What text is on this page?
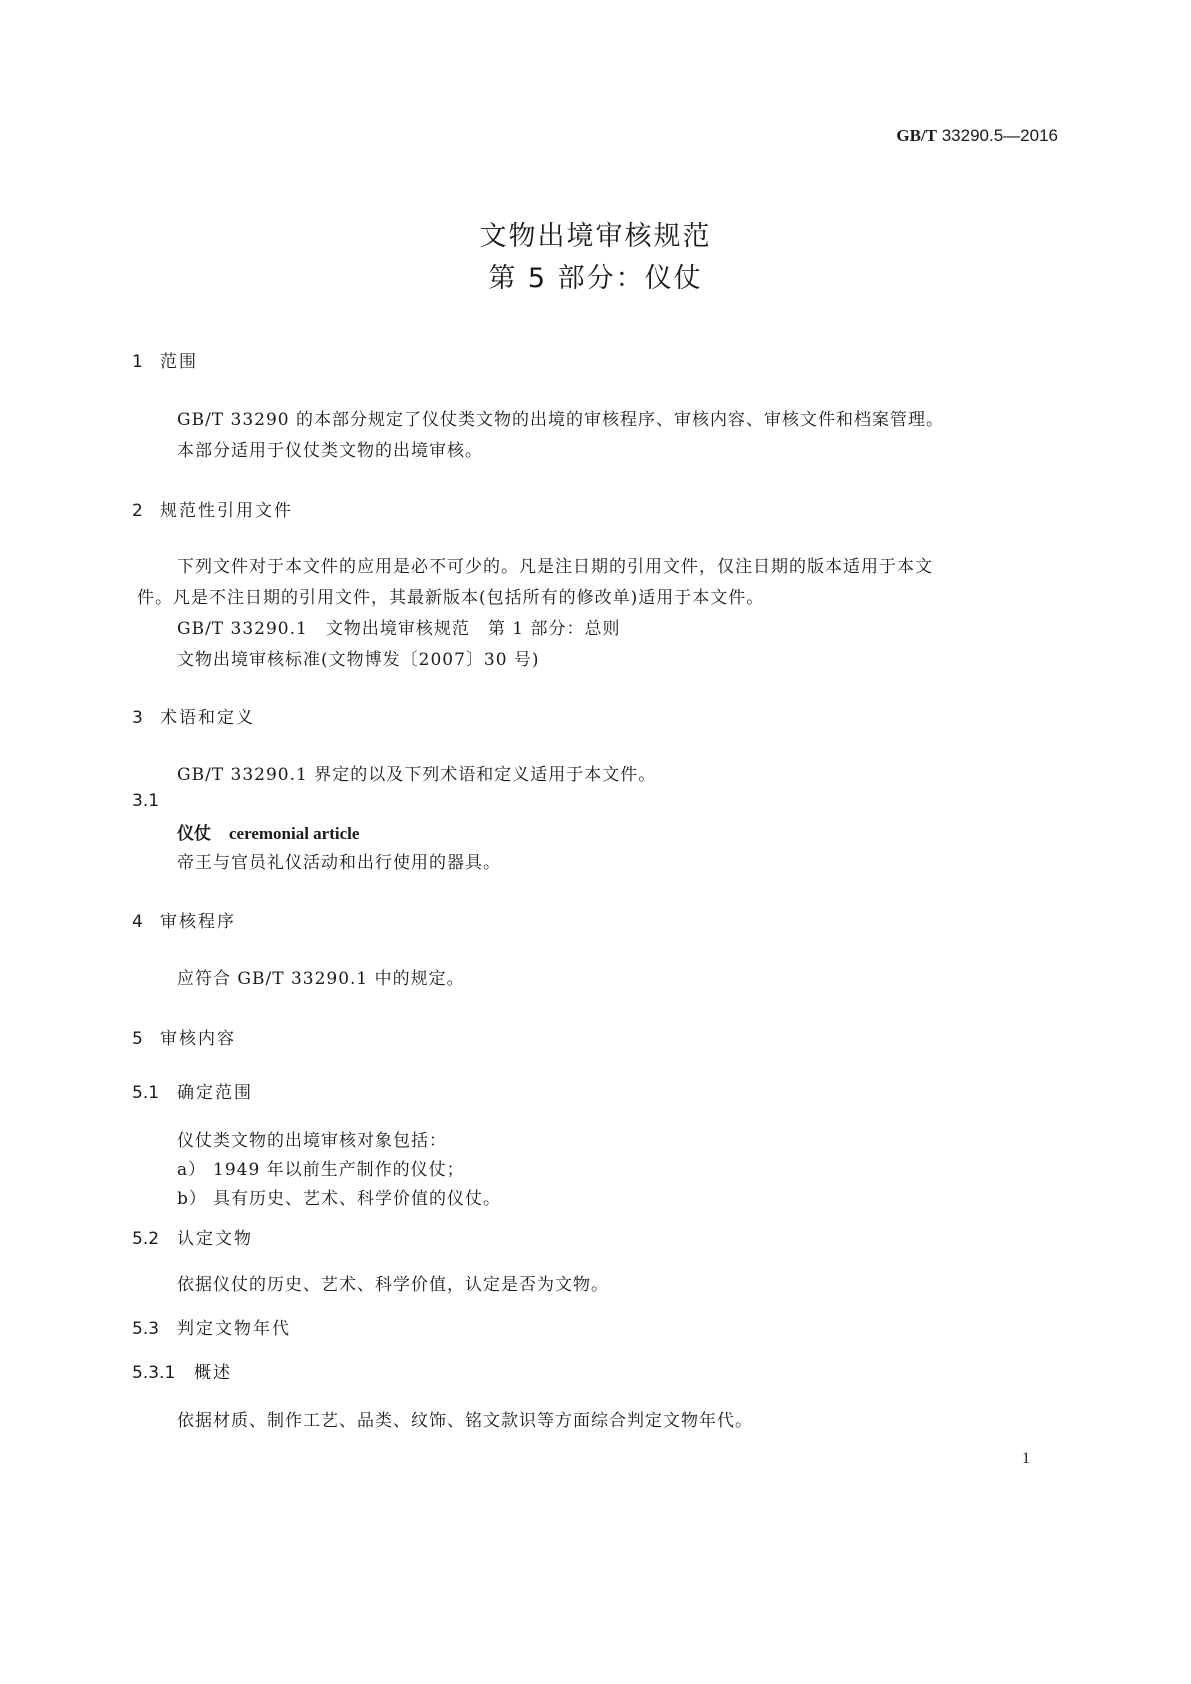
GB/T 33290.5—2016
文物出境审核规范
第 5 部分：仪仗
1 范围
GB/T 33290 的本部分规定了仪仗类文物的出境的审核程序、审核内容、审核文件和档案管理。
本部分适用于仪仗类文物的出境审核。
2 规范性引用文件
下列文件对于本文件的应用是必不可少的。凡是注日期的引用文件，仅注日期的版本适用于本文
件。凡是不注日期的引用文件，其最新版本(包括所有的修改单)适用于本文件。
GB/T 33290.1　文物出境审核规范　第 1 部分：总则
文物出境审核标准(文物博发〔2007〕30 号)
3 术语和定义
GB/T 33290.1 界定的以及下列术语和定义适用于本文件。
3.1
仪仗 ceremonial article
帝王与官员礼仪活动和出行使用的器具。
4 审核程序
应符合 GB/T 33290.1 中的规定。
5 审核内容
5.1 确定范围
仪仗类文物的出境审核对象包括：
a） 1949 年以前生产制作的仪仗；
b） 具有历史、艺术、科学价值的仪仗。
5.2 认定文物
依据仪仗的历史、艺术、科学价值，认定是否为文物。
5.3 判定文物年代
5.3.1 概述
依据材质、制作工艺、品类、纹饰、铭文款识等方面综合判定文物年代。
1
